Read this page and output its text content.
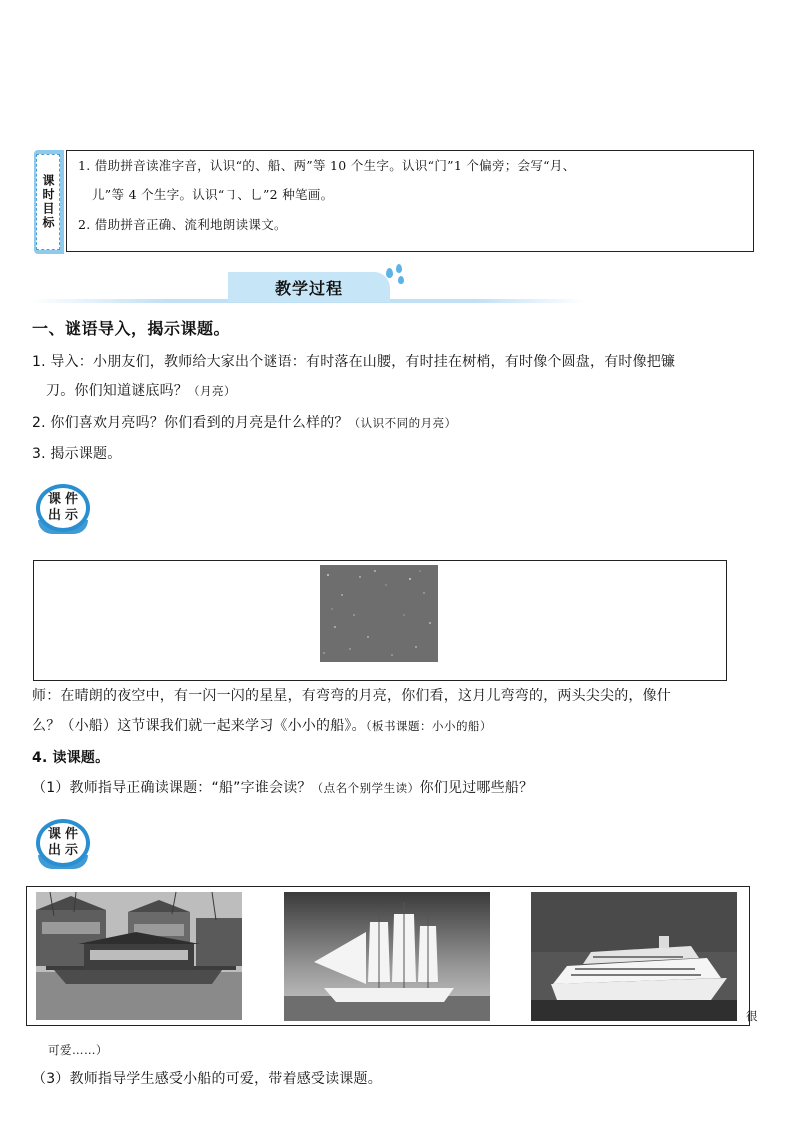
课时目标
1. 借助拼音读准字音，认识“的、船、两”等 10 个生字。认识“门”1 个偏旁；会写“月、
儿”等 4 个生字。认识“㇆、乚”2 种笔画。
2. 借助拼音正确、流利地朗读课文。
教学过程
一、谜语导入，揭示课题。
1. 导入：小朋友们，教师给大家出个谜语：有时落在山腰，有时挂在树梢，有时像个圆盘，有时像把镰
刀。你们知道谜底吗？（月亮）
2. 你们喜欢月亮吗？你们看到的月亮是什么样的？（认识不同的月亮）
3. 揭示课题。
课 件
出 示
师：在晴朗的夜空中，有一闪一闪的星星，有弯弯的月亮，你们看，这月儿弯弯的，两头尖尖的，像什
么？（小船）这节课我们就一起来学习《小小的船》。（板书课题：小小的船）
4. 读课题。
（1）教师指导正确读课题：“船”字谁会读？（点名个别学生读）你们见过哪些船？
课 件
出 示
很
可爱……）
（3）教师指导学生感受小船的可爱，带着感受读课题。
